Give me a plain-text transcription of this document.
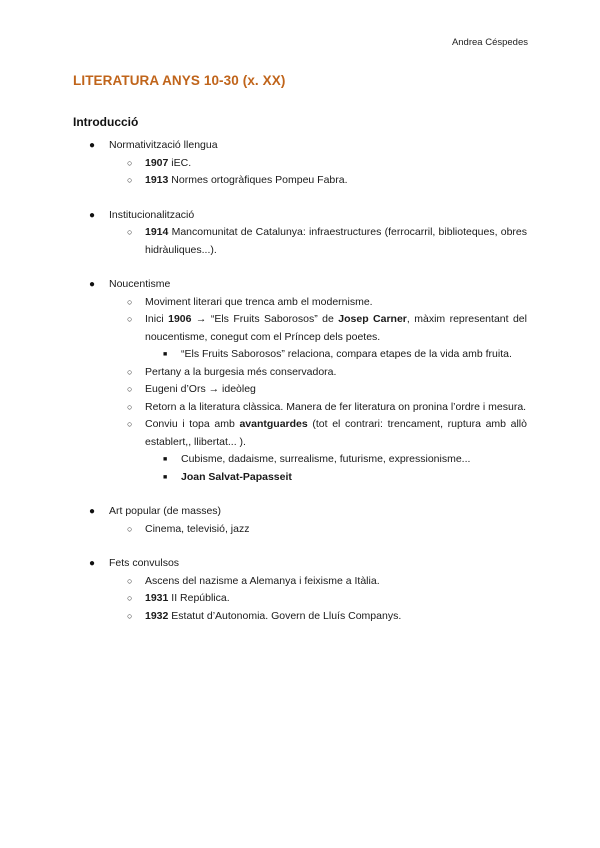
Andrea Céspedes
LITERATURA ANYS 10-30 (x. XX)
Introducció
● Normativització llengua
○ 1907 iEC.
○ 1913 Normes ortogràfiques Pompeu Fabra.
● Institucionalització
○ 1914 Mancomunitat de Catalunya: infraestructures (ferrocarril, biblioteques, obres hidràuliques...).
● Noucentisme
○ Moviment literari que trenca amb el modernisme.
○ Inici 1906 → “Els Fruits Saborosos” de Josep Carner, màxim representant del noucentisme, conegut com el Príncep dels poetes.
■ “Els Fruits Saborosos” relaciona, compara etapes de la vida amb fruita.
○ Pertany a la burgesia més conservadora.
○ Eugeni d’Ors → ideòleg
○ Retorn a la literatura clàssica. Manera de fer literatura on pronina l’ordre i mesura.
○ Conviu i topa amb avantguardes (tot el contrari: trencament, ruptura amb allò establert,, llibertat... ).
■ Cubisme, dadaisme, surrealisme, futurisme, expressionisme...
■ Joan Salvat-Papasseit
● Art popular (de masses)
○ Cinema, televisió, jazz
● Fets convulsos
○ Ascens del nazisme a Alemanya i feixisme a Itàlia.
○ 1931 II República.
○ 1932 Estatut d’Autonomia. Govern de Lluís Companys.
